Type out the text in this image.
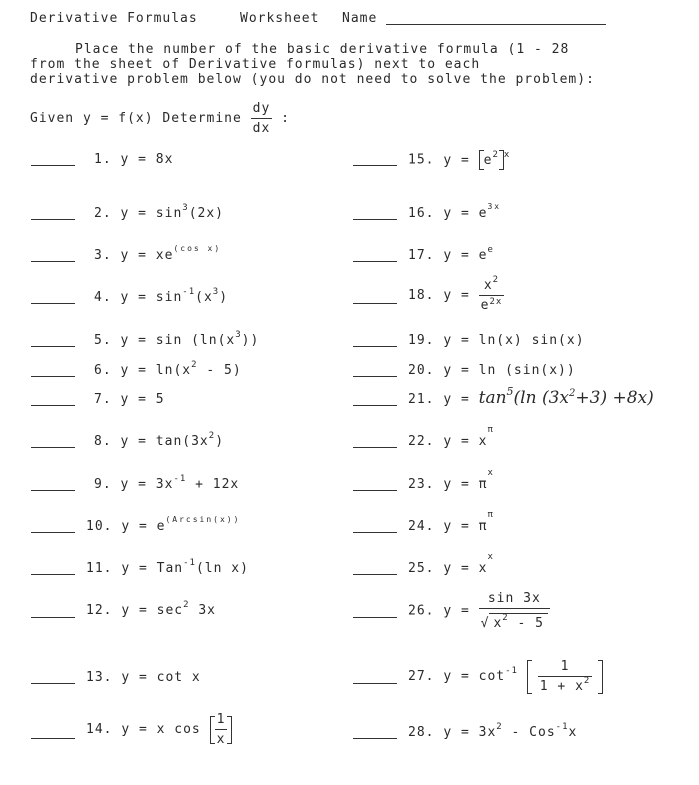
Derivative Formulas	Worksheet Name
Place the number of the basic derivative formula (1 - 28
from the sheet of Derivative formulas) next to each
derivative problem below (you do not need to solve the problem):
Given y = f(x) Determine $\frac{dy}{dx}$ :
1. y = 8x
2. $y = \sin^3(2x)$
3. $y = xe^{(cos x)}$
4. $y = \sin^{-1}(x^3)$
5. $y = \sin (\ln(x^3))$
6. $y = \ln(x^2 - 5)$
7. y = 5
8. $y = \tan(3x^2)$
9. $y = 3x^{-1} + 12x$
10. $y = e^{(Arcsin(x))}$
11. y = Tan$^{-1}$(ln x)
12. $y = \sec^2 3x$
13. y = cot x
14. y = x $\cos \frac{1}{x}$
15. $y = e^2$ $^x$
16. $y = e^{3x}$
17. $y = e^e$
18. $y = \frac{x^2}{e^{2x}}$
19. y = ln(x) sin(x)
20. y = ln (sin(x))
21. $y = \tan^5(\ln$ $(3x^2+3) +8x$)
22. $y = x^\pi$
23. $y = \pi^x$
24. $y = \pi^\pi$
25. $y = x^x$
26. $y = \frac{\sin 3x}{√ x^2 - 5}$
27. $y = \cot^{-1} \frac{1}{1 + x^2}$
28. $y = 3x^2 - Cos^{-1}x$
